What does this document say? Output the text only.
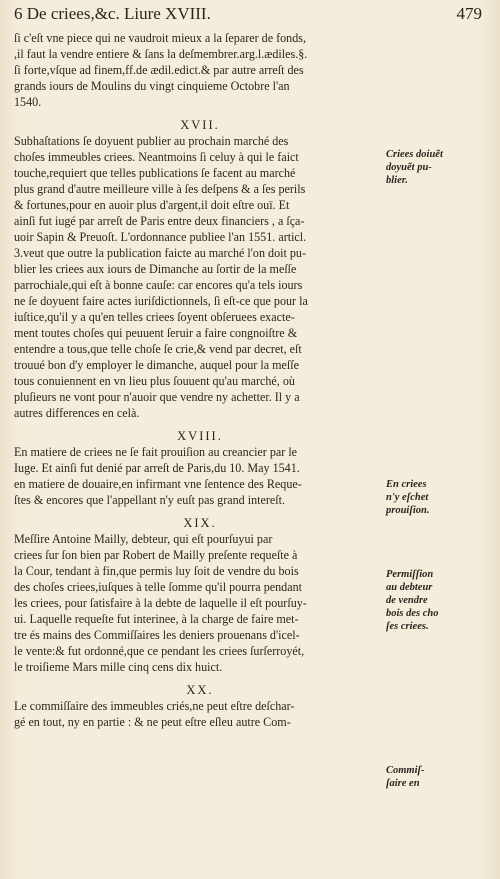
6 De criees,&c. Liure XVIII.	479
ſi c'eſt vne piece qui ne vaudroit mieux a la ſeparer de fonds,
,il faut la vendre entiere & ſans la deſmembrer.arg.l.ædiles.§.
ſi forte,vſque ad finem,ff.de ædil.edict.& par autre arreſt des
grands iours de Moulins du vingt cinquieme Octobre l'an
1540.
XVII.
Subhaſtations ſe doyuent publier au prochain marché des
choſes immeubles criees. Neantmoins ſi celuy à qui le faict
touche,requiert que telles publications ſe facent au marché
plus grand d'autre meilleure ville à ſes deſpens & a ſes perils
& fortunes,pour en auoir plus d'argent,il doit eſtre ouï. Et
ainſi fut iugé par arreſt de Paris entre deux financiers , a ſça-
uoir Sapin & Preuoſt. L'ordonnance publiee l'an 1551. articl.
3.veut que outre la publication faicte au marché l'on doit pu-
blier les criees aux iours de Dimanche au ſortir de la meſſe
parrochiale,qui eſt à bonne cauſe: car encores qu'a tels iours
ne ſe doyuent faire actes iuriſdictionnels, ſi eſt-ce que pour la
iuſtice,qu'il y a qu'en telles criees ſoyent obſeruees exacte-
ment toutes choſes qui peuuent ſeruir a faire congnoiſtre &
entendre a tous,que telle choſe ſe crie,& vend par decret, eſt
trouué bon d'y employer le dimanche, auquel pour la meſſe
tous conuiennent en vn lieu plus ſouuent qu'au marché, où
pluſieurs ne vont pour n'auoir que vendre ny achetter. Il y a
autres differences en celà.
XVIII.
En matiere de criees ne ſe fait prouiſion au creancier par le
Iuge. Et ainſi fut denié par arreſt de Paris,du 10. May 1541.
en matiere de douaire,en infirmant vne ſentence des Reque-
ſtes & encores que l'appellant n'y euſt pas grand intereſt.
XIX.
Meſſire Antoine Mailly, debteur, qui eſt pourſuyui par
criees ſur ſon bien par Robert de Mailly preſente requeſte à
la Cour, tendant à fin,que permis luy ſoit de vendre du bois
des choſes criees,iuſques à telle ſomme qu'il pourra pendant
les criees, pour ſatisfaire à la debte de laquelle il eſt pourſuy-
ui. Laquelle requeſte fut interinee, à la charge de faire met-
tre és mains des Commiſſaires les deniers prouenans d'icel-
le vente:& fut ordonné,que ce pendant les criees ſurſerroyét,
le troiſieme Mars mille cinq cens dix huict.
XX.
Le commiſſaire des immeubles criés,ne peut eſtre deſchar-
gé en tout, ny en partie : & ne peut eſtre eſleu autre Com-
Criees doiuẽt
doyuẽt pu-
blier.
En criees
n'y eſchet
prouiſion.
Permiſſion
au debteur
de vendre
bois des cho
ſes criees.
Commiſ-
ſaire en
